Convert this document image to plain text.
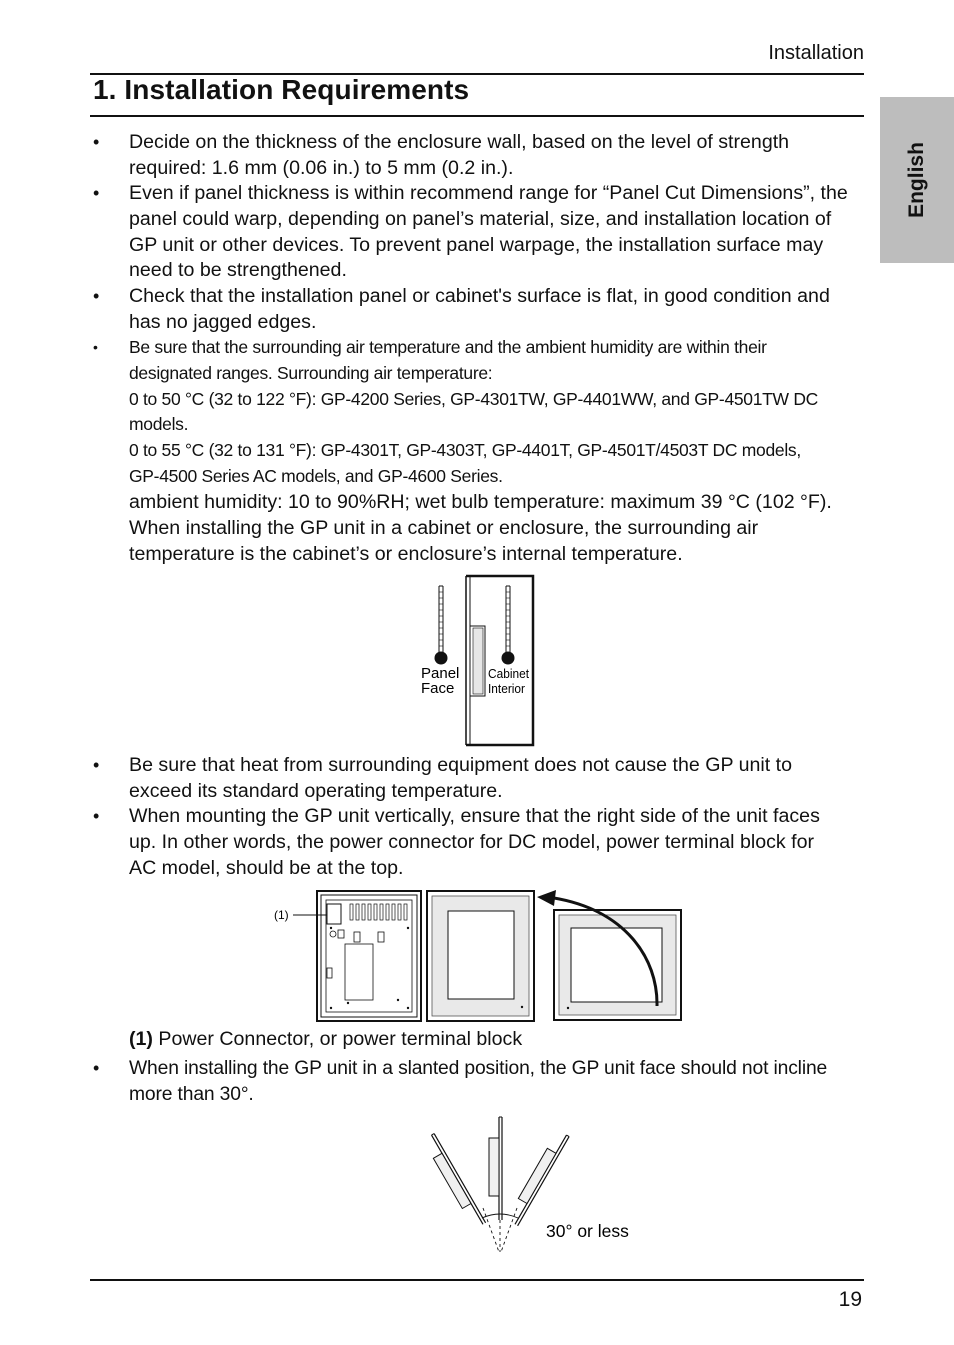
Installation
1. Installation Requirements
English
• Decide on the thickness of the enclosure wall, based on the level of strength
required: 1.6 mm (0.06 in.) to 5 mm (0.2 in.).
• Even if panel thickness is within recommend range for “Panel Cut Dimensions”, the
panel could warp, depending on panel’s material, size, and installation location of
GP unit or other devices. To prevent panel warpage, the installation surface may
need to be strengthened.
• Check that the installation panel or cabinet's surface is flat, in good condition and
has no jagged edges.
• Be sure that the surrounding air temperature and the ambient humidity are within their
designated ranges. Surrounding air temperature:
0 to 50 °C (32 to 122 °F): GP-4200 Series, GP-4301TW, GP-4401WW, and GP-4501TW DC
models.
0 to 55 °C (32 to 131 °F): GP-4301T, GP-4303T, GP-4401T, GP-4501T/4503T DC models,
GP-4500 Series AC models, and GP-4600 Series.
ambient humidity: 10 to 90%RH; wet bulb temperature: maximum 39 °C (102 °F).
When installing the GP unit in a cabinet or enclosure, the surrounding air
temperature is the cabinet’s or enclosure’s internal temperature.
Panel
Face
Cabinet
Interior
• Be sure that heat from surrounding equipment does not cause the GP unit to
exceed its standard operating temperature.
• When mounting the GP unit vertically, ensure that the right side of the unit faces
up. In other words, the power connector for DC model, power terminal block for
AC model, should be at the top.
(1)
(1) Power Connector, or power terminal block
• When installing the GP unit in a slanted position, the GP unit face should not incline
more than 30°.
30° or less
19
